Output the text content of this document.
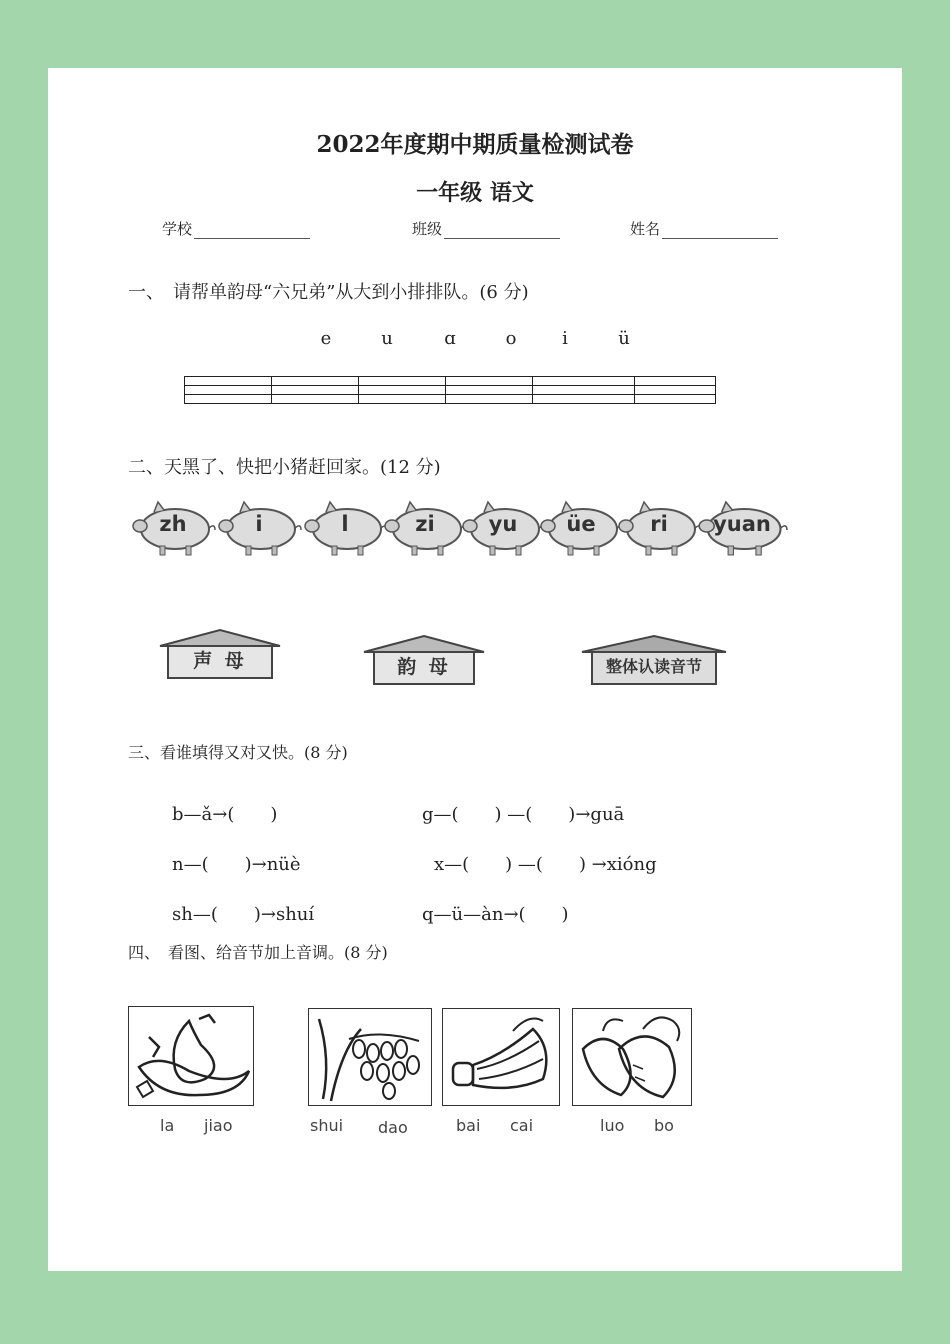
2022年度期中期质量检测试卷
一年级 语文
学校	班级	姓名
一、　请帮单韵母“六兄弟”从大到小排排队。(6 分)
e	u	ɑ	o	i	ü

二、天黑了、快把小猪赶回家。(12 分)
zh	i	l	zi	yu	üe	ri	yuan
声 母	韵 母	整体认读音节
三、看谁填得又对又快。(8 分)
b—ǎ→(　　)	g—(　　) —(　　)→guā
n—(　　)→nüè	x—(　　) —(　　) →xióng
sh—(　　)→shuí	q—ü—àn→(　　)
四、　看图、给音节加上音调。(8 分)
la jiao	shui dao	bai cai	luo bo
